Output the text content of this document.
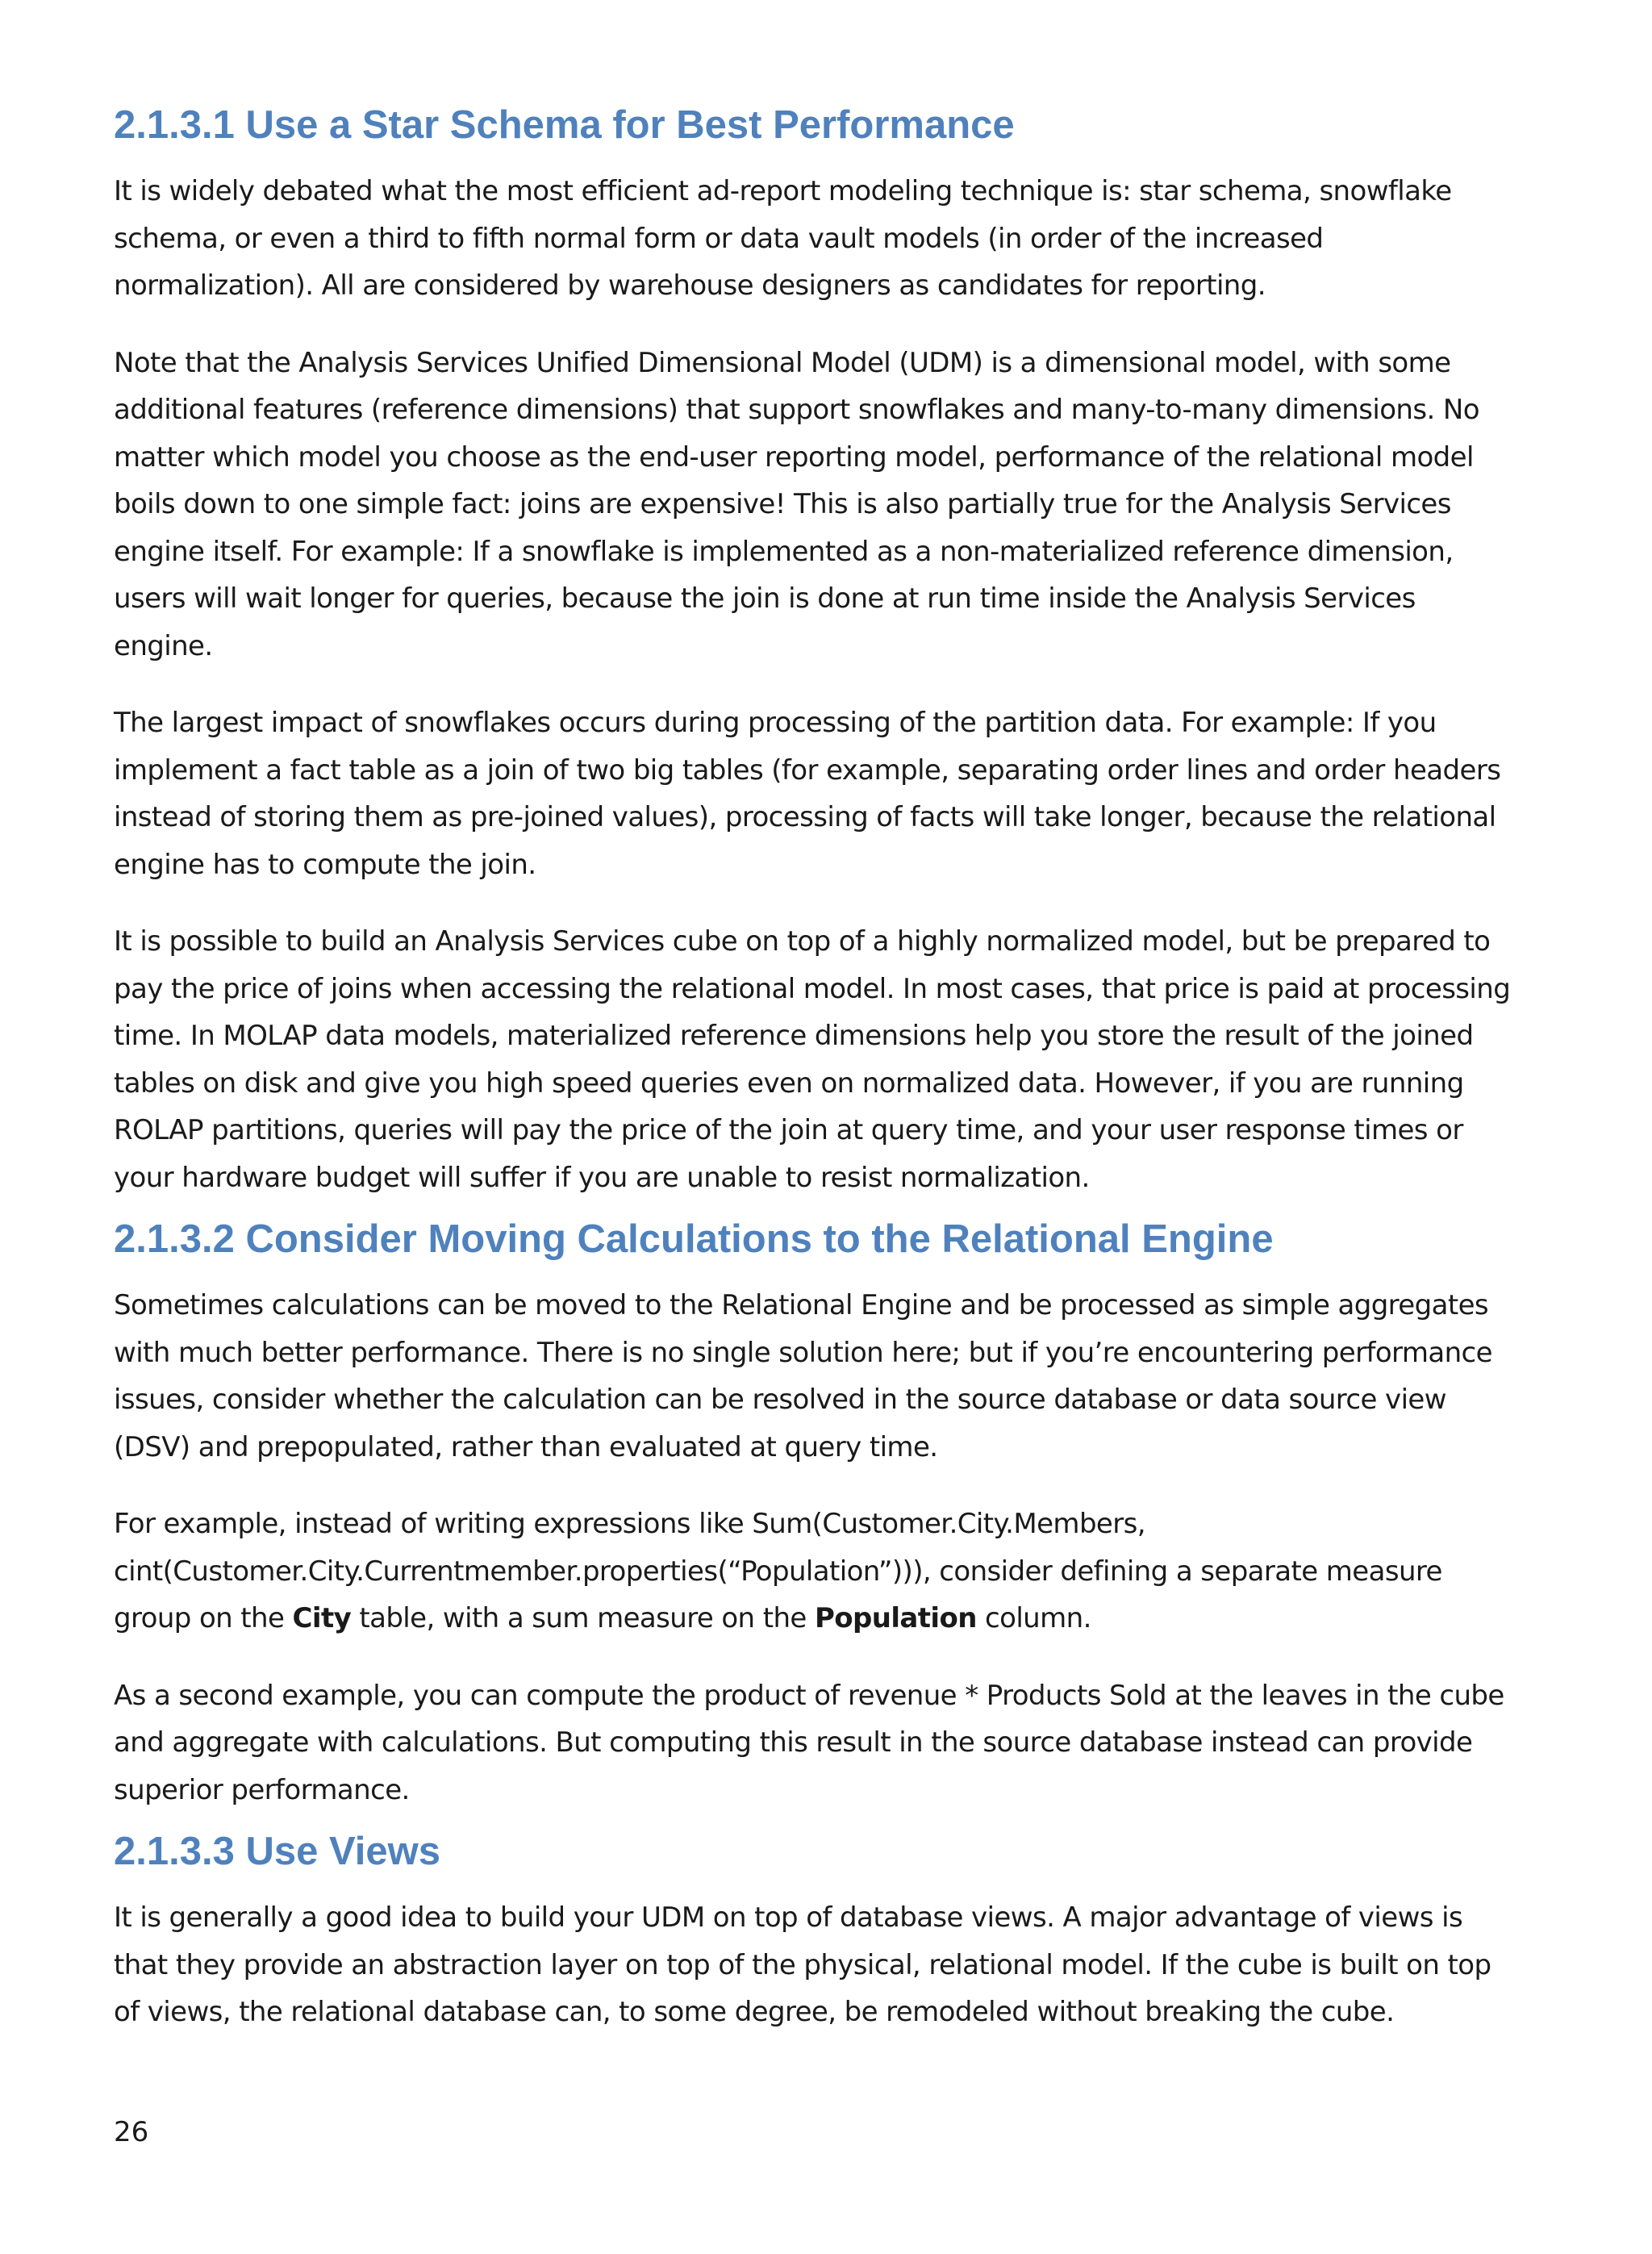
2.1.3.1 Use a Star Schema for Best Performance

It is widely debated what the most efficient ad-report modeling technique is: star schema, snowflake
schema, or even a third to fifth normal form or data vault models (in order of the increased
normalization). All are considered by warehouse designers as candidates for reporting.

Note that the Analysis Services Unified Dimensional Model (UDM) is a dimensional model, with some
additional features (reference dimensions) that support snowflakes and many-to-many dimensions. No
matter which model you choose as the end-user reporting model, performance of the relational model
boils down to one simple fact: joins are expensive! This is also partially true for the Analysis Services
engine itself. For example: If a snowflake is implemented as a non-materialized reference dimension,
users will wait longer for queries, because the join is done at run time inside the Analysis Services
engine.

The largest impact of snowflakes occurs during processing of the partition data. For example: If you
implement a fact table as a join of two big tables (for example, separating order lines and order headers
instead of storing them as pre-joined values), processing of facts will take longer, because the relational
engine has to compute the join.

It is possible to build an Analysis Services cube on top of a highly normalized model, but be prepared to
pay the price of joins when accessing the relational model. In most cases, that price is paid at processing
time. In MOLAP data models, materialized reference dimensions help you store the result of the joined
tables on disk and give you high speed queries even on normalized data. However, if you are running
ROLAP partitions, queries will pay the price of the join at query time, and your user response times or
your hardware budget will suffer if you are unable to resist normalization.

2.1.3.2 Consider Moving Calculations to the Relational Engine

Sometimes calculations can be moved to the Relational Engine and be processed as simple aggregates
with much better performance. There is no single solution here; but if you’re encountering performance
issues, consider whether the calculation can be resolved in the source database or data source view
(DSV) and prepopulated, rather than evaluated at query time.

For example, instead of writing expressions like Sum(Customer.City.Members,
cint(Customer.City.Currentmember.properties(“Population”))), consider defining a separate measure
group on the City table, with a sum measure on the Population column.

As a second example, you can compute the product of revenue * Products Sold at the leaves in the cube
and aggregate with calculations. But computing this result in the source database instead can provide
superior performance.

2.1.3.3 Use Views

It is generally a good idea to build your UDM on top of database views. A major advantage of views is
that they provide an abstraction layer on top of the physical, relational model. If the cube is built on top
of views, the relational database can, to some degree, be remodeled without breaking the cube.

26
